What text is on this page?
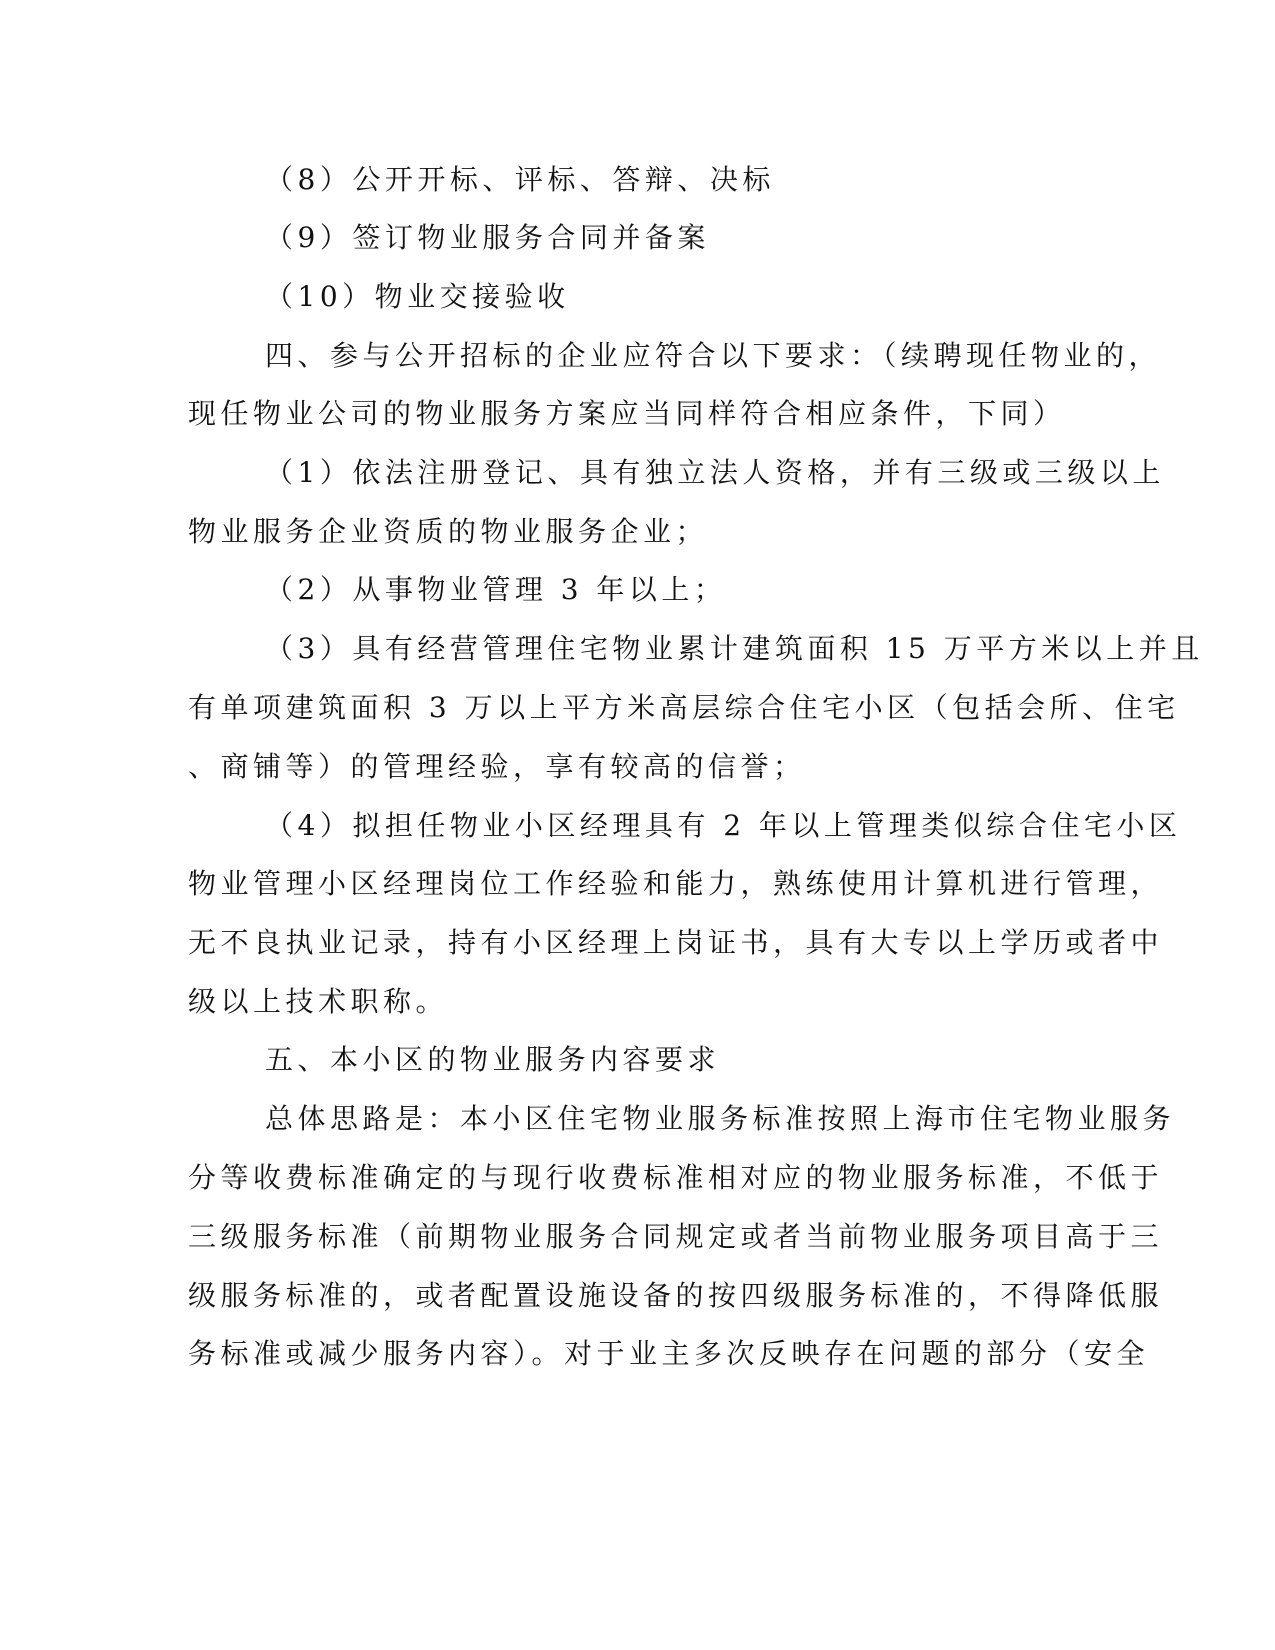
（8）公开开标、评标、答辩、决标
（9）签订物业服务合同并备案
（10）物业交接验收
四、参与公开招标的企业应符合以下要求：（续聘现任物业的，
现任物业公司的物业服务方案应当同样符合相应条件，下同）
（1）依法注册登记、具有独立法人资格，并有三级或三级以上
物业服务企业资质的物业服务企业；
（2）从事物业管理 3 年以上；
（3）具有经营管理住宅物业累计建筑面积 15 万平方米以上并且
有单项建筑面积 3 万以上平方米高层综合住宅小区（包括会所、住宅
、商铺等）的管理经验，享有较高的信誉；
（4）拟担任物业小区经理具有 2 年以上管理类似综合住宅小区
物业管理小区经理岗位工作经验和能力，熟练使用计算机进行管理，
无不良执业记录，持有小区经理上岗证书，具有大专以上学历或者中
级以上技术职称。
五、本小区的物业服务内容要求
总体思路是：本小区住宅物业服务标准按照上海市住宅物业服务
分等收费标准确定的与现行收费标准相对应的物业服务标准，不低于
三级服务标准（前期物业服务合同规定或者当前物业服务项目高于三
级服务标准的，或者配置设施设备的按四级服务标准的，不得降低服
务标准或减少服务内容）。对于业主多次反映存在问题的部分（安全
